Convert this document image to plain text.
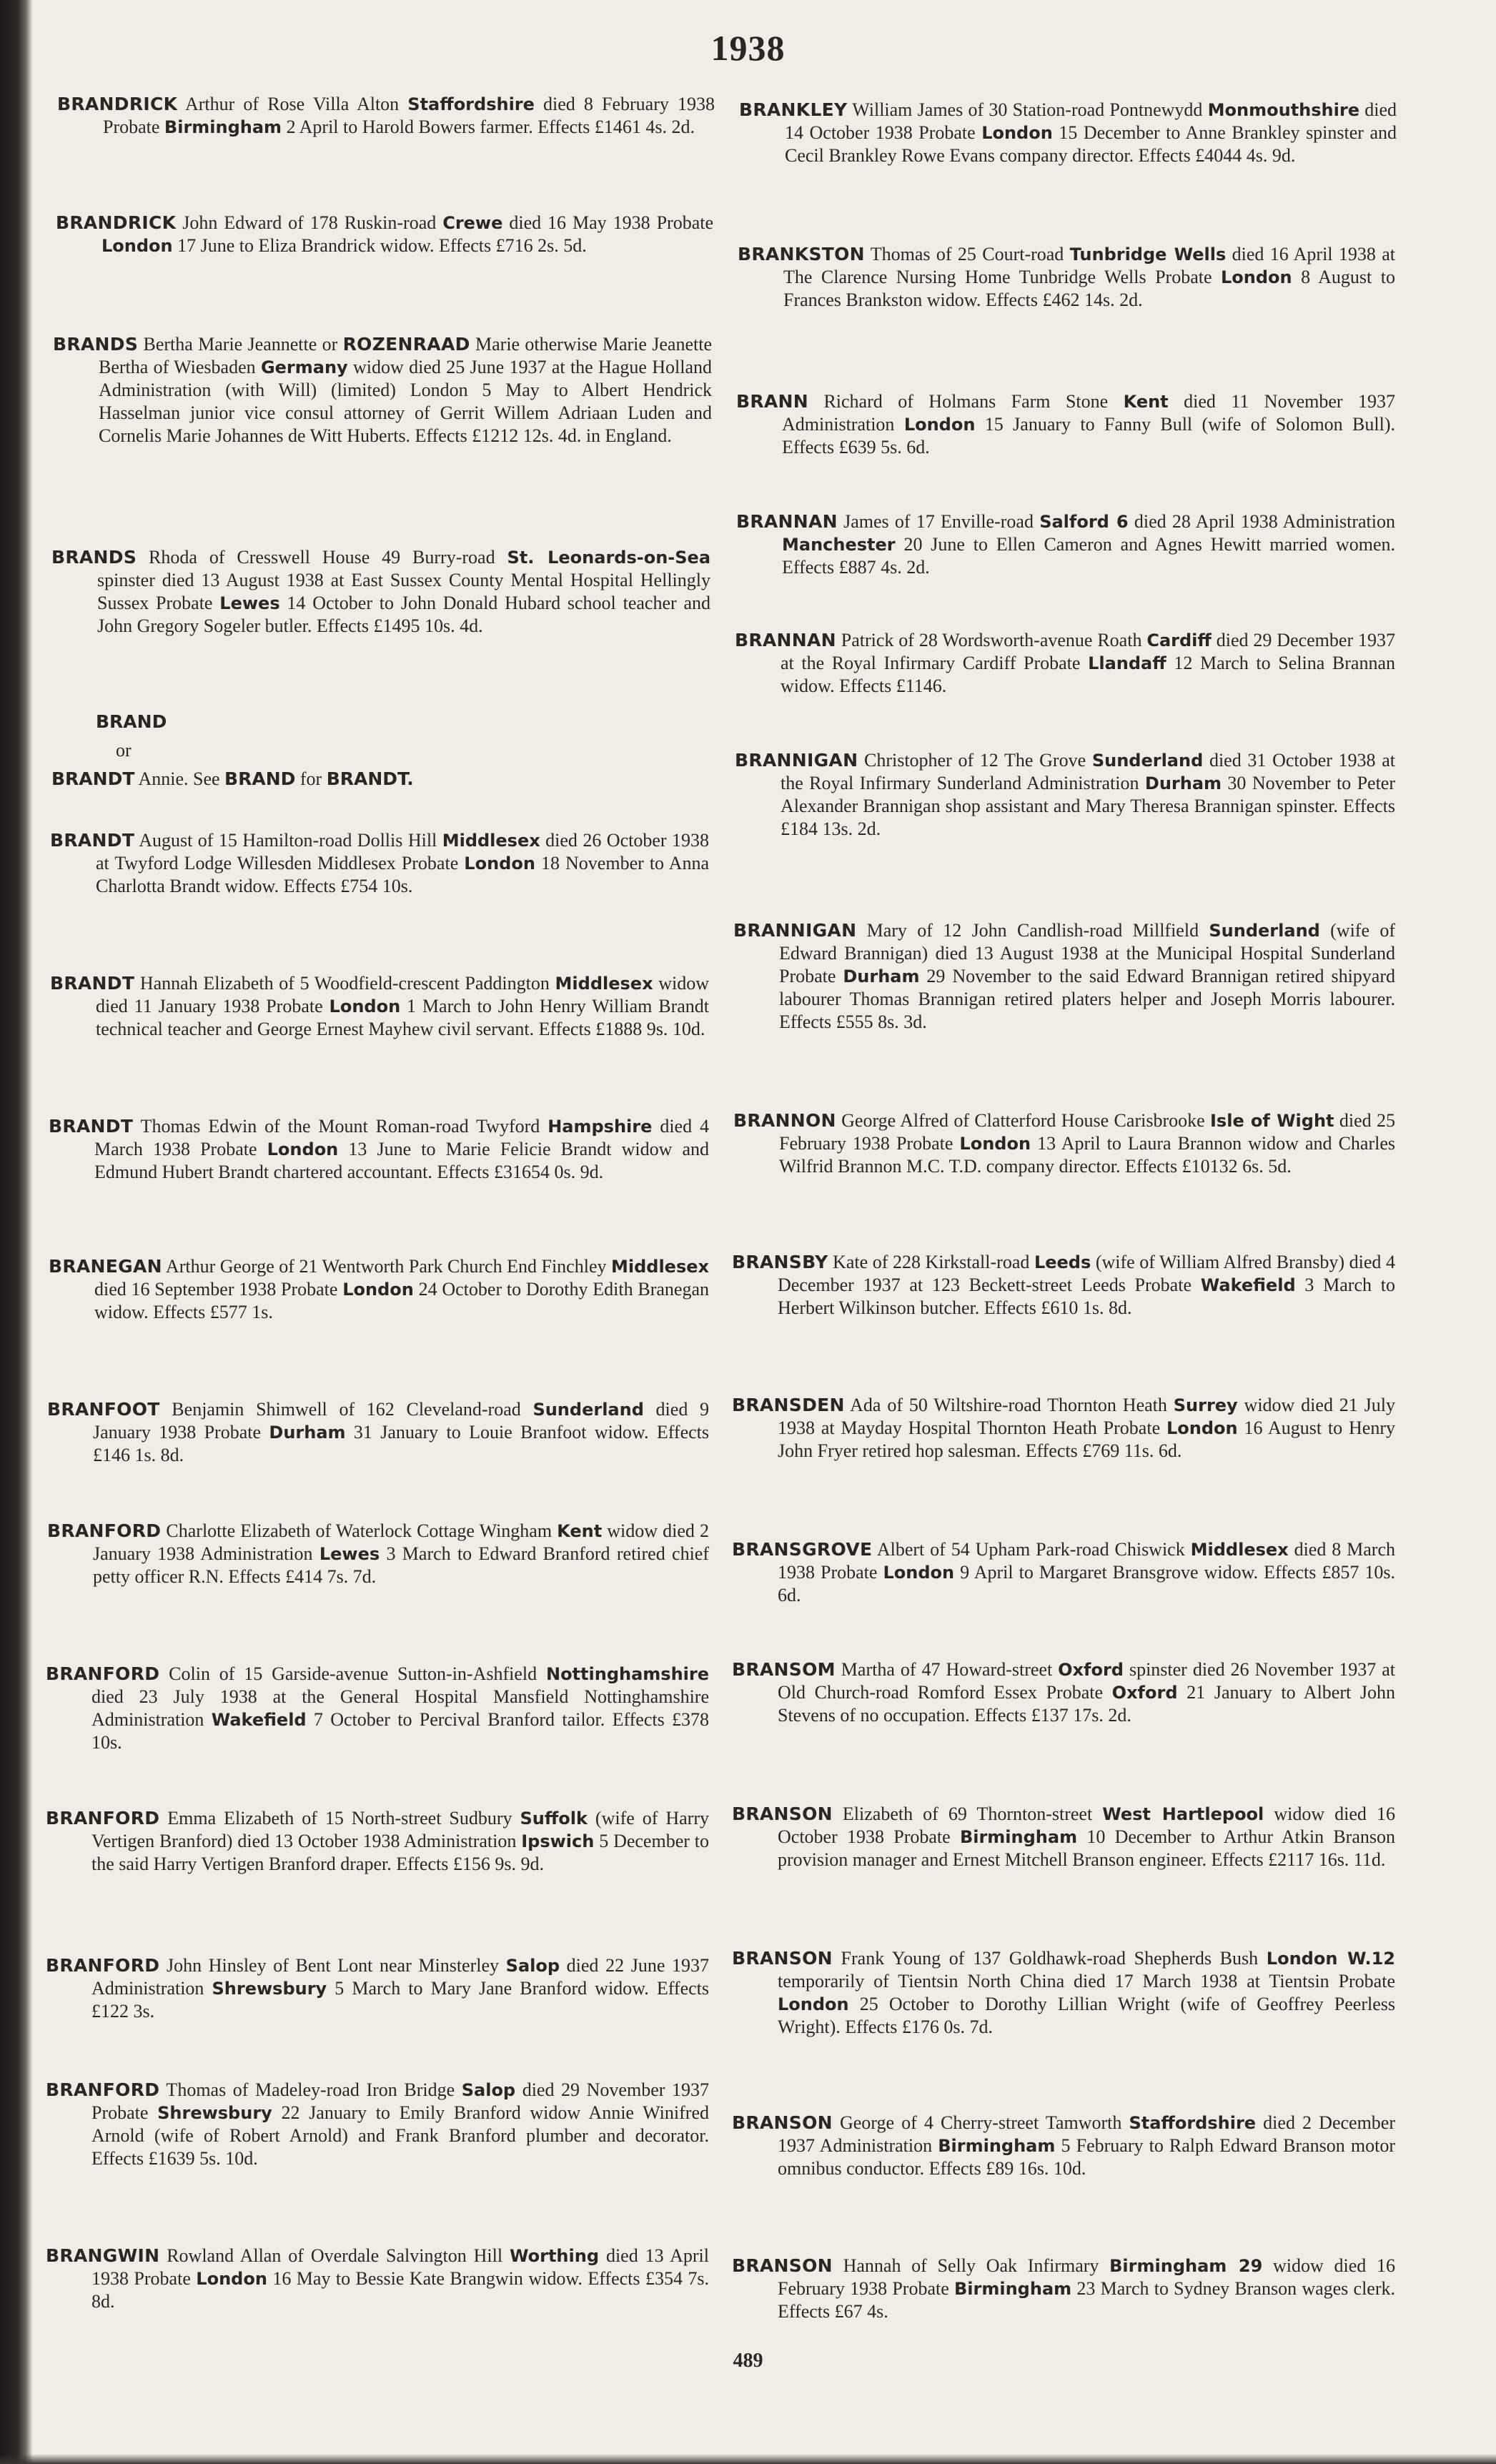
1938
BRANDRICK Arthur of Rose Villa Alton Staffordshire died 8 February 1938 Probate Birmingham 2 April to Harold Bowers farmer. Effects £1461 4s. 2d.
BRANDRICK John Edward of 178 Ruskin-road Crewe died 16 May 1938 Probate London 17 June to Eliza Brandrick widow. Effects £716 2s. 5d.
BRANDS Bertha Marie Jeannette or ROZENRAAD Marie otherwise Marie Jeanette Bertha of Wiesbaden Germany widow died 25 June 1937 at the Hague Holland Administration (with Will) (limited) London 5 May to Albert Hendrick Hasselman junior vice consul attorney of Gerrit Willem Adriaan Luden and Cornelis Marie Johannes de Witt Huberts. Effects £1212 12s. 4d. in England.
BRANDS Rhoda of Cresswell House 49 Burry-road St. Leonards-on-Sea spinster died 13 August 1938 at East Sussex County Mental Hospital Hellingly Sussex Probate Lewes 14 October to John Donald Hubard school teacher and John Gregory Sogeler butler. Effects £1495 10s. 4d.
BRAND

or
BRANDT Annie. See BRAND for BRANDT.
BRANDT August of 15 Hamilton-road Dollis Hill Middlesex died 26 October 1938 at Twyford Lodge Willesden Middlesex Probate London 18 November to Anna Charlotta Brandt widow. Effects £754 10s.
BRANDT Hannah Elizabeth of 5 Woodfield-crescent Paddington Middlesex widow died 11 January 1938 Probate London 1 March to John Henry William Brandt technical teacher and George Ernest Mayhew civil servant. Effects £1888 9s. 10d.
BRANDT Thomas Edwin of the Mount Roman-road Twyford Hampshire died 4 March 1938 Probate London 13 June to Marie Felicie Brandt widow and Edmund Hubert Brandt chartered accountant. Effects £31654 0s. 9d.
BRANEGAN Arthur George of 21 Wentworth Park Church End Finchley Middlesex died 16 September 1938 Probate London 24 October to Dorothy Edith Branegan widow. Effects £577 1s.
BRANFOOT Benjamin Shimwell of 162 Cleveland-road Sunderland died 9 January 1938 Probate Durham 31 January to Louie Branfoot widow. Effects £146 1s. 8d.
BRANFORD Charlotte Elizabeth of Waterlock Cottage Wingham Kent widow died 2 January 1938 Administration Lewes 3 March to Edward Branford retired chief petty officer R.N. Effects £414 7s. 7d.
BRANFORD Colin of 15 Garside-avenue Sutton-in-Ashfield Nottinghamshire died 23 July 1938 at the General Hospital Mansfield Nottinghamshire Administration Wakefield 7 October to Percival Branford tailor. Effects £378 10s.
BRANFORD Emma Elizabeth of 15 North-street Sudbury Suffolk (wife of Harry Vertigen Branford) died 13 October 1938 Administration Ipswich 5 December to the said Harry Vertigen Branford draper. Effects £156 9s. 9d.
BRANFORD John Hinsley of Bent Lont near Minsterley Salop died 22 June 1937 Administration Shrewsbury 5 March to Mary Jane Branford widow. Effects £122 3s.
BRANFORD Thomas of Madeley-road Iron Bridge Salop died 29 November 1937 Probate Shrewsbury 22 January to Emily Branford widow Annie Winifred Arnold (wife of Robert Arnold) and Frank Branford plumber and decorator. Effects £1639 5s. 10d.
BRANGWIN Rowland Allan of Overdale Salvington Hill Worthing died 13 April 1938 Probate London 16 May to Bessie Kate Brangwin widow. Effects £354 7s. 8d.
BRANKLEY William James of 30 Station-road Pontnewydd Monmouthshire died 14 October 1938 Probate London 15 December to Anne Brankley spinster and Cecil Brankley Rowe Evans company director. Effects £4044 4s. 9d.
BRANKSTON Thomas of 25 Court-road Tunbridge Wells died 16 April 1938 at The Clarence Nursing Home Tunbridge Wells Probate London 8 August to Frances Brankston widow. Effects £462 14s. 2d.
BRANN Richard of Holmans Farm Stone Kent died 11 November 1937 Administration London 15 January to Fanny Bull (wife of Solomon Bull). Effects £639 5s. 6d.
BRANNAN James of 17 Enville-road Salford 6 died 28 April 1938 Administration Manchester 20 June to Ellen Cameron and Agnes Hewitt married women. Effects £887 4s. 2d.
BRANNAN Patrick of 28 Wordsworth-avenue Roath Cardiff died 29 December 1937 at the Royal Infirmary Cardiff Probate Llandaff 12 March to Selina Brannan widow. Effects £1146.
BRANNIGAN Christopher of 12 The Grove Sunderland died 31 October 1938 at the Royal Infirmary Sunderland Administration Durham 30 November to Peter Alexander Brannigan shop assistant and Mary Theresa Brannigan spinster. Effects £184 13s. 2d.
BRANNIGAN Mary of 12 John Candlish-road Millfield Sunderland (wife of Edward Brannigan) died 13 August 1938 at the Municipal Hospital Sunderland Probate Durham 29 November to the said Edward Brannigan retired shipyard labourer Thomas Brannigan retired platers helper and Joseph Morris labourer. Effects £555 8s. 3d.
BRANNON George Alfred of Clatterford House Carisbrooke Isle of Wight died 25 February 1938 Probate London 13 April to Laura Brannon widow and Charles Wilfrid Brannon M.C. T.D. company director. Effects £10132 6s. 5d.
BRANSBY Kate of 228 Kirkstall-road Leeds (wife of William Alfred Bransby) died 4 December 1937 at 123 Beckett-street Leeds Probate Wakefield 3 March to Herbert Wilkinson butcher. Effects £610 1s. 8d.
BRANSDEN Ada of 50 Wiltshire-road Thornton Heath Surrey widow died 21 July 1938 at Mayday Hospital Thornton Heath Probate London 16 August to Henry John Fryer retired hop salesman. Effects £769 11s. 6d.
BRANSGROVE Albert of 54 Upham Park-road Chiswick Middlesex died 8 March 1938 Probate London 9 April to Margaret Bransgrove widow. Effects £857 10s. 6d.
BRANSOM Martha of 47 Howard-street Oxford spinster died 26 November 1937 at Old Church-road Romford Essex Probate Oxford 21 January to Albert John Stevens of no occupation. Effects £137 17s. 2d.
BRANSON Elizabeth of 69 Thornton-street West Hartlepool widow died 16 October 1938 Probate Birmingham 10 December to Arthur Atkin Branson provision manager and Ernest Mitchell Branson engineer. Effects £2117 16s. 11d.
BRANSON Frank Young of 137 Goldhawk-road Shepherds Bush London W.12 temporarily of Tientsin North China died 17 March 1938 at Tientsin Probate London 25 October to Dorothy Lillian Wright (wife of Geoffrey Peerless Wright). Effects £176 0s. 7d.
BRANSON George of 4 Cherry-street Tamworth Staffordshire died 2 December 1937 Administration Birmingham 5 February to Ralph Edward Branson motor omnibus conductor. Effects £89 16s. 10d.
BRANSON Hannah of Selly Oak Infirmary Birmingham 29 widow died 16 February 1938 Probate Birmingham 23 March to Sydney Branson wages clerk. Effects £67 4s.
489
